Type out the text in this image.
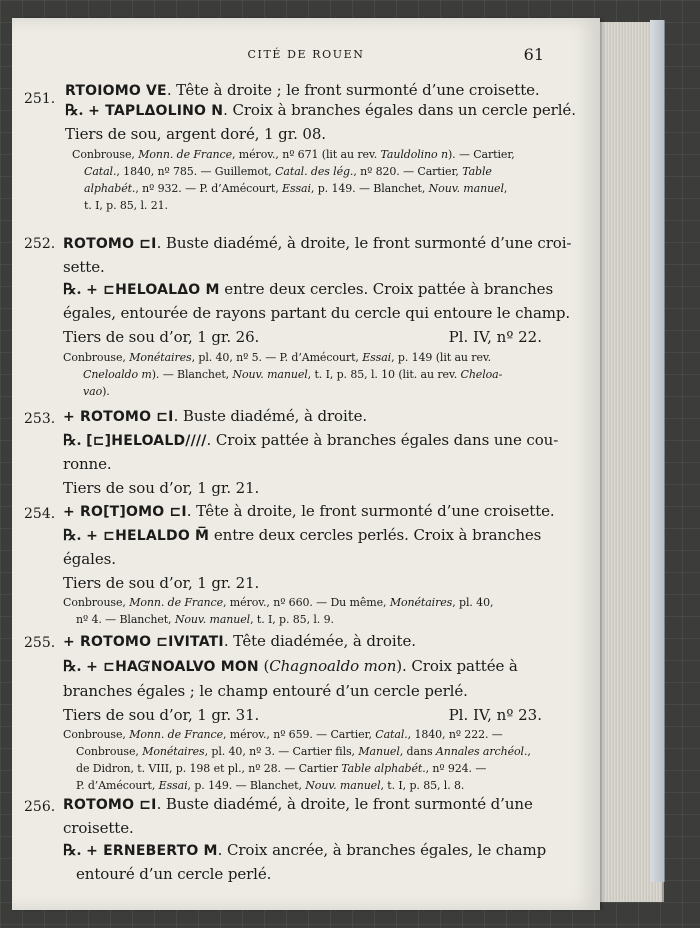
CITÉ DE ROUEN	61
251. RTOIOMO VE. Tête à droite ; le front surmonté d’une croisette.
℞. + TAPLΔOLINO N. Croix à branches égales dans un cercle perlé.
Tiers de sou, argent doré, 1 gr. 08.
Conbrouse, Monn. de France, mérov., nº 671 (lit au rev. Tauldolino n). — Cartier,
Catal., 1840, nº 785. — Guillemot, Catal. des lég., nº 820. — Cartier, Table
alphabét., nº 932. — P. d’Amécourt, Essai, p. 149. — Blanchet, Nouv. manuel,
t. I, p. 85, l. 21.
252. ROTOMO ⊏I. Buste diadémé, à droite, le front surmonté d’une croi-
sette.
℞. + ⊏HELOALΔO M entre deux cercles. Croix pattée à branches
égales, entourée de rayons partant du cercle qui entoure le champ.
Tiers de sou d’or, 1 gr. 26.
Conbrouse, Monétaires, pl. 40, nº 5. — P. d’Amécourt, Essai, p. 149 (lit au rev.
Cneloaldo m). — Blanchet, Nouv. manuel, t. I, p. 85, l. 10 (lit. au rev. Cheloa-
vao).
Pl. IV, nº 22.
253. + ROTOMO ⊏I. Buste diadémé, à droite.
℞. [⊏]HELOALD////. Croix pattée à branches égales dans une cou-
ronne.
Tiers de sou d’or, 1 gr. 21.
254. + RO[T]OMO ⊏I. Tête à droite, le front surmonté d’une croisette.
℞. + ⊏HELALDO M̅ entre deux cercles perlés. Croix à branches
égales.
Tiers de sou d’or, 1 gr. 21.
Conbrouse, Monn. de France, mérov., nº 660. — Du même, Monétaires, pl. 40,
nº 4. — Blanchet, Nouv. manuel, t. I, p. 85, l. 9.
255. + ROTOMO ⊏IVITATI. Tête diadémée, à droite.
℞. + ⊏HAᏳNOALVO MON (Chagnoaldo mon). Croix pattée à
branches égales ; le champ entouré d’un cercle perlé.
Tiers de sou d’or, 1 gr. 31.
Conbrouse, Monn. de France, mérov., nº 659. — Cartier, Catal., 1840, nº 222. —
Conbrouse, Monétaires, pl. 40, nº 3. — Cartier fils, Manuel, dans Annales archéol.,
de Didron, t. VIII, p. 198 et pl., nº 28. — Cartier Table alphabét., nº 924. —
P. d’Amécourt, Essai, p. 149. — Blanchet, Nouv. manuel, t. I, p. 85, l. 8.
Pl. IV, nº 23.
256. ROTOMO ⊏I. Buste diadémé, à droite, le front surmonté d’une
croisette.
℞. + ERNEBERTO M. Croix ancrée, à branches égales, le champ
entouré d’un cercle perlé.
